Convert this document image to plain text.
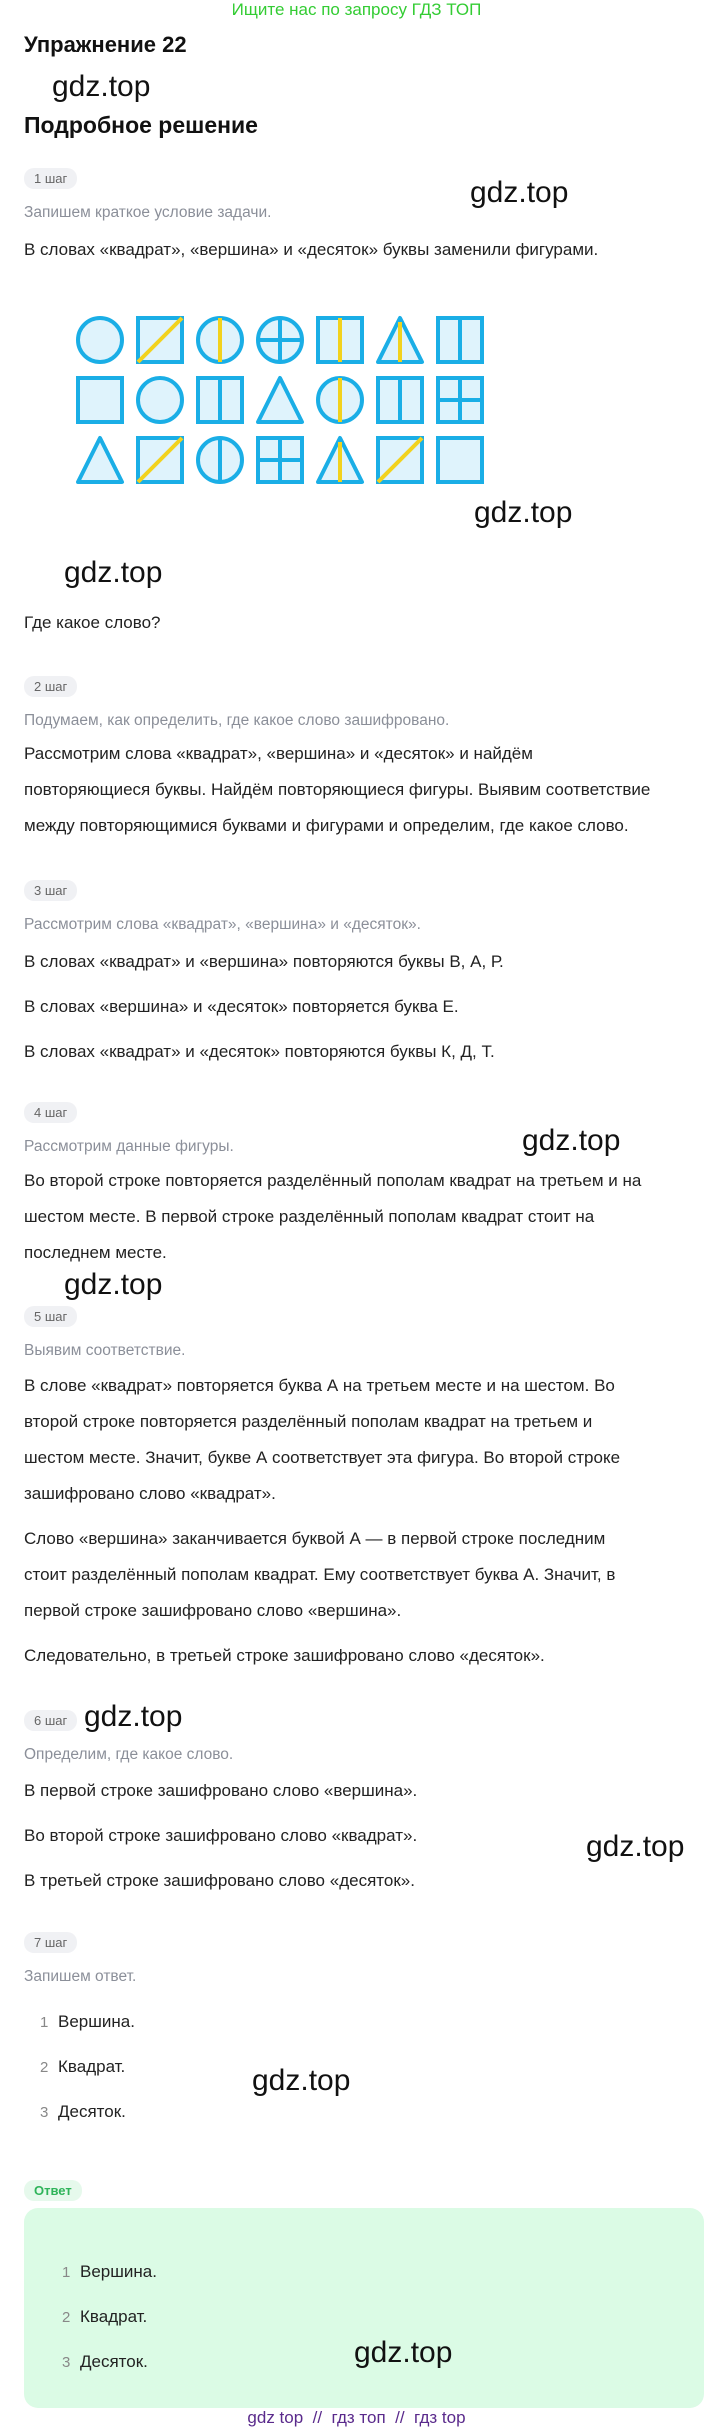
Ищите нас по запросу ГДЗ ТОП
Упражнение 22
gdz.top
Подробное решение
1 шаг	gdz.top
Запишем краткое условие задачи.
В словах «квадрат», «вершина» и «десяток» буквы заменили фигурами.
gdz.top
gdz.top
Где какое слово?
2 шаг
Подумаем, как определить, где какое слово зашифровано.
Рассмотрим слова «квадрат», «вершина» и «десяток» и найдём
повторяющиеся буквы. Найдём повторяющиеся фигуры. Выявим соответствие
между повторяющимися буквами и фигурами и определим, где какое слово.
3 шаг
Рассмотрим слова «квадрат», «вершина» и «десяток».
В словах «квадрат» и «вершина» повторяются буквы В, А, Р.
В словах «вершина» и «десяток» повторяется буква Е.
В словах «квадрат» и «десяток» повторяются буквы К, Д, Т.
4 шаг
Рассмотрим данные фигуры.	gdz.top
Во второй строке повторяется разделённый пополам квадрат на третьем и на
шестом месте. В первой строке разделённый пополам квадрат стоит на
последнем месте.
gdz.top
5 шаг
Выявим соответствие.
В слове «квадрат» повторяется буква А на третьем месте и на шестом. Во
второй строке повторяется разделённый пополам квадрат на третьем и
шестом месте. Значит, букве А соответствует эта фигура. Во второй строке
зашифровано слово «квадрат».
Слово «вершина» заканчивается буквой А — в первой строке последним
стоит разделённый пополам квадрат. Ему соответствует буква А. Значит, в
первой строке зашифровано слово «вершина».
Следовательно, в третьей строке зашифровано слово «десяток».
6 шаг gdz.top
Определим, где какое слово.
В первой строке зашифровано слово «вершина».
Во второй строке зашифровано слово «квадрат».	gdz.top
В третьей строке зашифровано слово «десяток».
7 шаг
Запишем ответ.
1 Вершина.
2 Квадрат.
3 Десяток.
gdz.top
Ответ
1 Вершина.
2 Квадрат.
3 Десяток.	gdz.top
gdz top // гдз топ // гдз top
